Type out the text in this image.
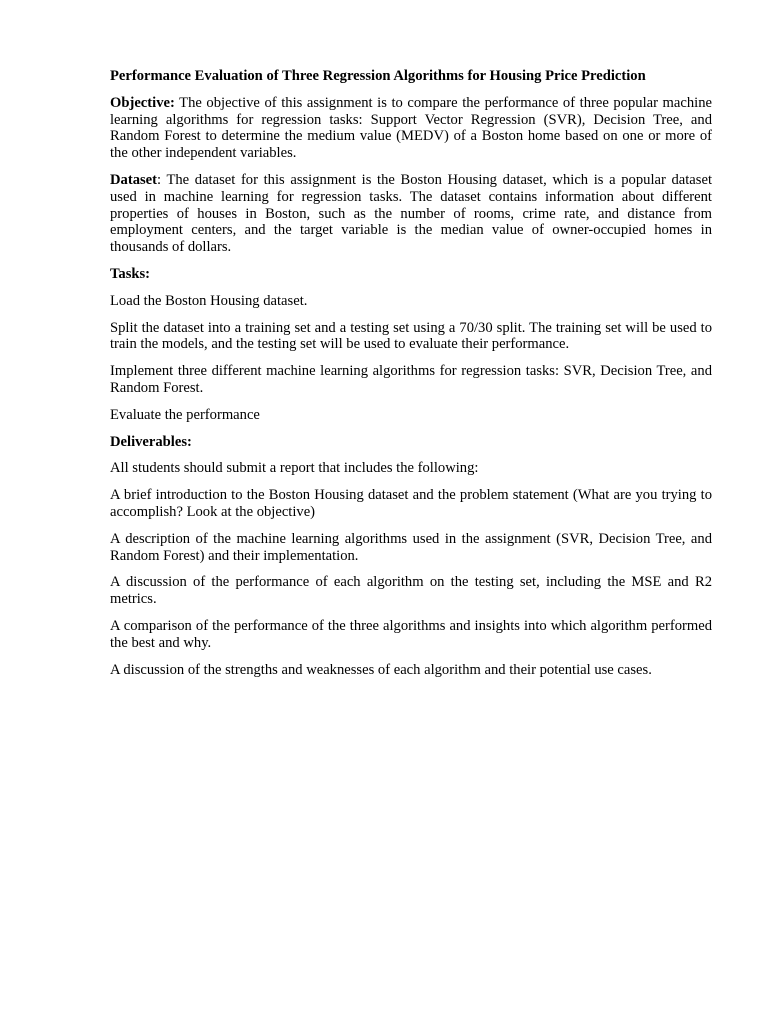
Performance Evaluation of Three Regression Algorithms for Housing Price Prediction

Objective: The objective of this assignment is to compare the performance of three popular machine learning algorithms for regression tasks: Support Vector Regression (SVR), Decision Tree, and Random Forest to determine the medium value (MEDV) of a Boston home based on one or more of the other independent variables.

Dataset: The dataset for this assignment is the Boston Housing dataset, which is a popular dataset used in machine learning for regression tasks. The dataset contains information about different properties of houses in Boston, such as the number of rooms, crime rate, and distance from employment centers, and the target variable is the median value of owner-occupied homes in thousands of dollars.

Tasks:

Load the Boston Housing dataset.

Split the dataset into a training set and a testing set using a 70/30 split. The training set will be used to train the models, and the testing set will be used to evaluate their performance.

Implement three different machine learning algorithms for regression tasks: SVR, Decision Tree, and Random Forest.

Evaluate the performance

Deliverables:

All students should submit a report that includes the following:

A brief introduction to the Boston Housing dataset and the problem statement (What are you trying to accomplish? Look at the objective)

A description of the machine learning algorithms used in the assignment (SVR, Decision Tree, and Random Forest) and their implementation.

A discussion of the performance of each algorithm on the testing set, including the MSE and R2 metrics.

A comparison of the performance of the three algorithms and insights into which algorithm performed the best and why.

A discussion of the strengths and weaknesses of each algorithm and their potential use cases.
